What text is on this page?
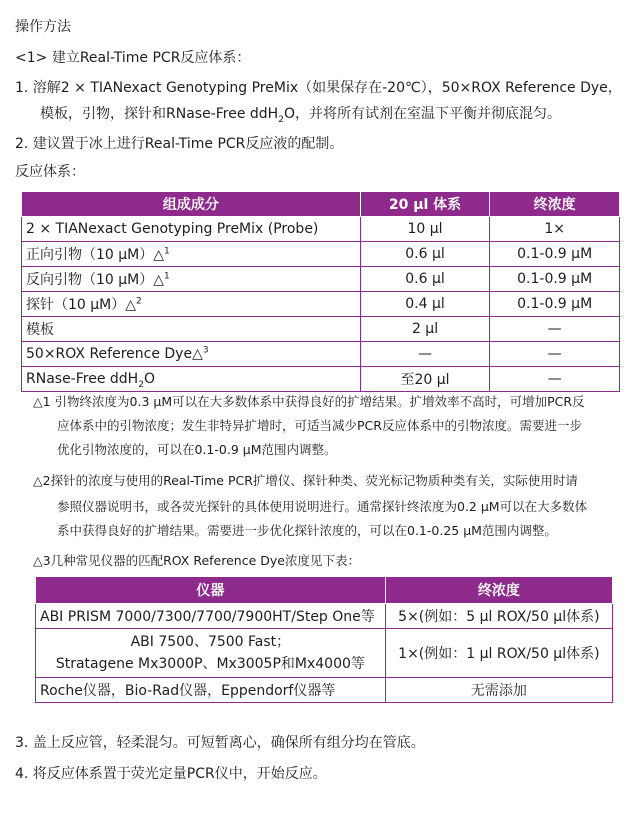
操作方法
<1> 建立Real-Time PCR反应体系：
1. 溶解2 × TIANexact Genotyping PreMix（如果保存在-20℃），50×ROX Reference Dye，
模板，引物，探针和RNase-Free ddH$_2$O，并将所有试剂在室温下平衡并彻底混匀。
2. 建议置于冰上进行Real-Time PCR反应液的配制。
反应体系：
组成成分	20 μl 体系	终浓度
2 × TIANexact Genotyping PreMix (Probe)	10 μl	1×
正向引物（10 μM）△$^1$	0.6 μl	0.1-0.9 μM
反向引物（10 μM）△$^1$	0.6 μl	0.1-0.9 μM
探针（10 μM）△$^2$	0.4 μl	0.1-0.9 μM
模板	2 μl	—
50×ROX Reference Dye△$^3$	—	—
RNase-Free ddH$_2$O	至20 μl	—
△1 引物终浓度为0.3 μM可以在大多数体系中获得良好的扩增结果。扩增效率不高时，可增加PCR反
应体系中的引物浓度；发生非特异扩增时，可适当减少PCR反应体系中的引物浓度。需要进一步
优化引物浓度的，可以在0.1-0.9 μM范围内调整。
△2探针的浓度与使用的Real-Time PCR扩增仪、探针种类、荧光标记物质种类有关，实际使用时请
参照仪器说明书，或各荧光探针的具体使用说明进行。通常探针终浓度为0.2 μM可以在大多数体
系中获得良好的扩增结果。需要进一步优化探针浓度的，可以在0.1-0.25 μM范围内调整。
△3几种常见仪器的匹配ROX Reference Dye浓度见下表：
仪器	终浓度
ABI PRISM 7000/7300/7700/7900HT/Step One等	5×(例如：5 μl ROX/50 μl体系)

ABI 7500、7500 Fast；
Stratagene Mx3000P、Mx3005P和Mx4000等	1×(例如：1 μl ROX/50 μl体系)
Roche仪器，Bio-Rad仪器，Eppendorf仪器等	无需添加
3. 盖上反应管，轻柔混匀。可短暂离心，确保所有组分均在管底。
4. 将反应体系置于荧光定量PCR仪中，开始反应。
